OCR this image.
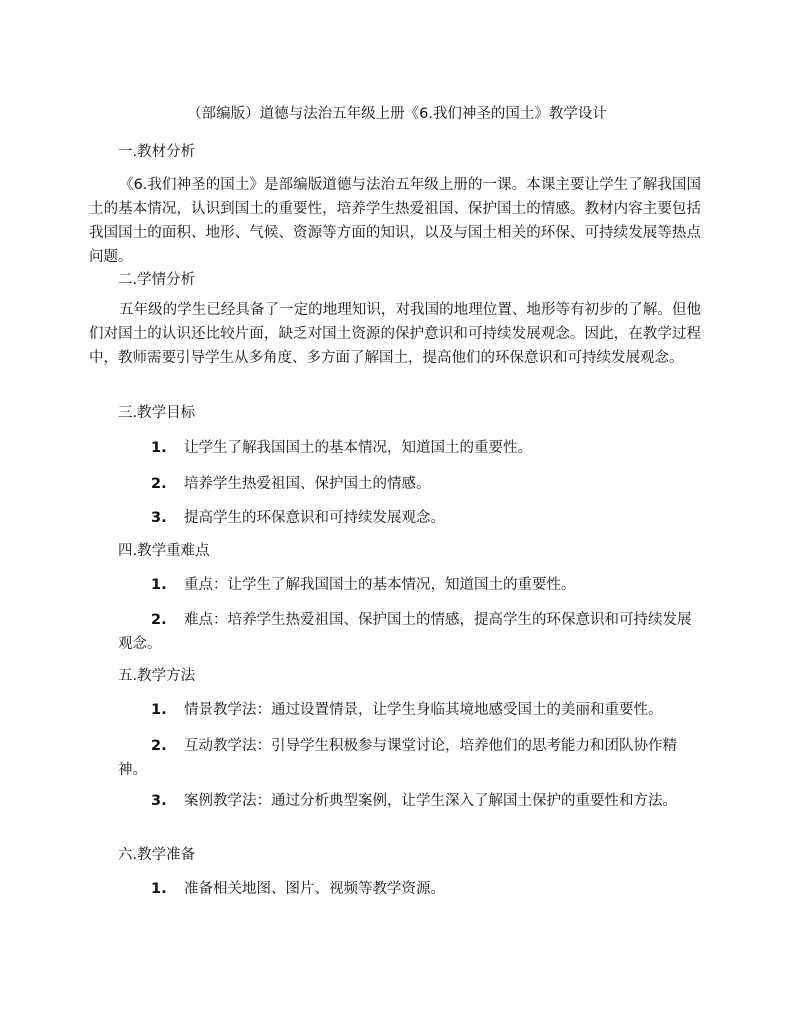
（部编版）道德与法治五年级上册《6.我们神圣的国土》教学设计
一.教材分析
《6.我们神圣的国土》是部编版道德与法治五年级上册的一课。本课主要让学生了解我国国土的基本情况，认识到国土的重要性，培养学生热爱祖国、保护国土的情感。教材内容主要包括我国国土的面积、地形、气候、资源等方面的知识，以及与国土相关的环保、可持续发展等热点问题。
二.学情分析
五年级的学生已经具备了一定的地理知识，对我国的地理位置、地形等有初步的了解。但他们对国土的认识还比较片面，缺乏对国土资源的保护意识和可持续发展观念。因此，在教学过程中，教师需要引导学生从多角度、多方面了解国土，提高他们的环保意识和可持续发展观念。
三.教学目标
1. 让学生了解我国国土的基本情况，知道国土的重要性。
2. 培养学生热爱祖国、保护国土的情感。
3. 提高学生的环保意识和可持续发展观念。
四.教学重难点
1. 重点：让学生了解我国国土的基本情况，知道国土的重要性。
2. 难点：培养学生热爱祖国、保护国土的情感，提高学生的环保意识和可持续发展观念。
五.教学方法
1. 情景教学法：通过设置情景，让学生身临其境地感受国土的美丽和重要性。
2. 互动教学法：引导学生积极参与课堂讨论，培养他们的思考能力和团队协作精神。
3. 案例教学法：通过分析典型案例，让学生深入了解国土保护的重要性和方法。
六.教学准备
1. 准备相关地图、图片、视频等教学资源。
